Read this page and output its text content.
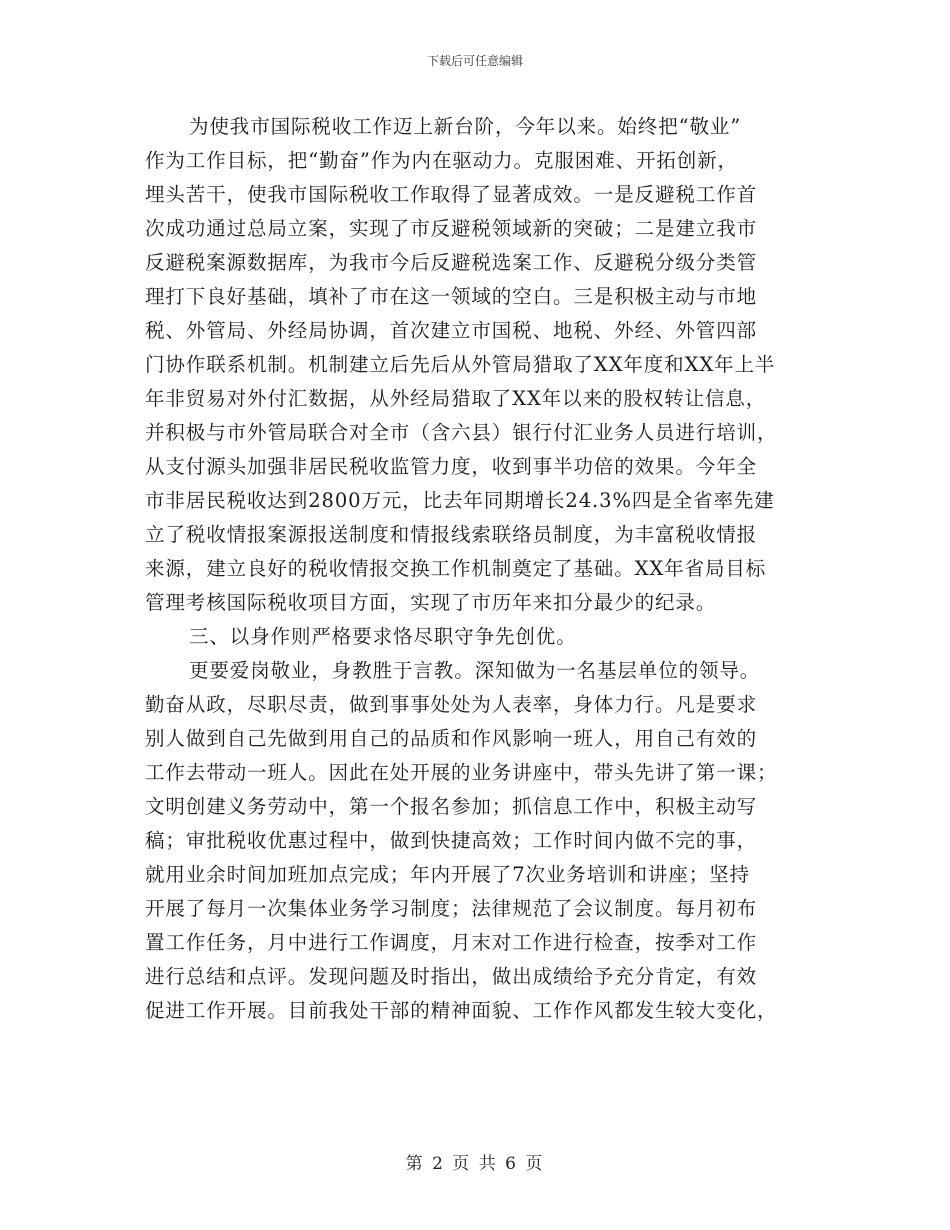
下载后可任意编辑
为使我市国际税收工作迈上新台阶，今年以来。始终把“敬业”
作为工作目标，把“勤奋”作为内在驱动力。克服困难、开拓创新，
埋头苦干，使我市国际税收工作取得了显著成效。一是反避税工作首
次成功通过总局立案，实现了市反避税领域新的突破；二是建立我市
反避税案源数据库，为我市今后反避税选案工作、反避税分级分类管
理打下良好基础，填补了市在这一领域的空白。三是积极主动与市地
税、外管局、外经局协调，首次建立市国税、地税、外经、外管四部
门协作联系机制。机制建立后先后从外管局猎取了XX年度和XX年上半
年非贸易对外付汇数据，从外经局猎取了XX年以来的股权转让信息，
并积极与市外管局联合对全市（含六县）银行付汇业务人员进行培训，
从支付源头加强非居民税收监管力度，收到事半功倍的效果。今年全
市非居民税收达到2800万元，比去年同期增长24.3%四是全省率先建
立了税收情报案源报送制度和情报线索联络员制度，为丰富税收情报
来源，建立良好的税收情报交换工作机制奠定了基础。XX年省局目标
管理考核国际税收项目方面，实现了市历年来扣分最少的纪录。
三、以身作则严格要求恪尽职守争先创优。
更要爱岗敬业，身教胜于言教。深知做为一名基层单位的领导。
勤奋从政，尽职尽责，做到事事处处为人表率，身体力行。凡是要求
别人做到自己先做到用自己的品质和作风影响一班人，用自己有效的
工作去带动一班人。因此在处开展的业务讲座中，带头先讲了第一课；
文明创建义务劳动中，第一个报名参加；抓信息工作中，积极主动写
稿；审批税收优惠过程中，做到快捷高效；工作时间内做不完的事，
就用业余时间加班加点完成；年内开展了7次业务培训和讲座；坚持
开展了每月一次集体业务学习制度；法律规范了会议制度。每月初布
置工作任务，月中进行工作调度，月末对工作进行检查，按季对工作
进行总结和点评。发现问题及时指出，做出成绩给予充分肯定，有效
促进工作开展。目前我处干部的精神面貌、工作作风都发生较大变化，
第 2 页 共 6 页
